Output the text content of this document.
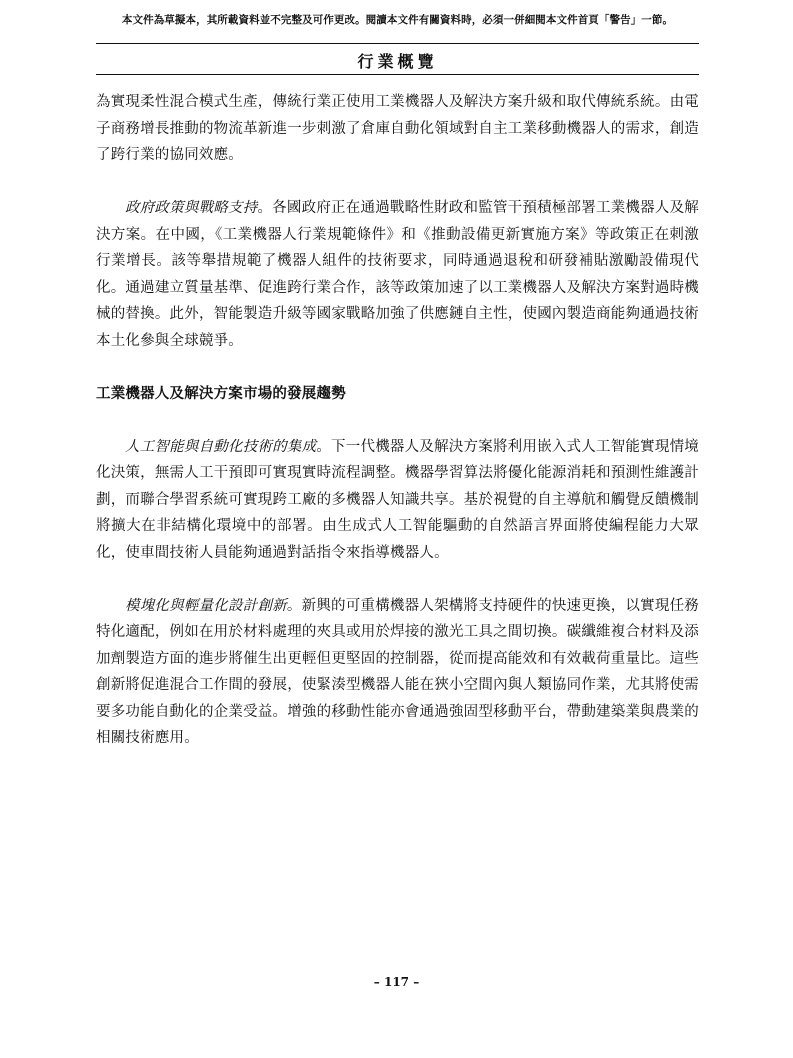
本文件為草擬本，其所載資料並不完整及可作更改。閱讀本文件有關資料時，必須一併細閱本文件首頁「警告」一節。
行業概覽

為實現柔性混合模式生產，傳統行業正使用工業機器人及解決方案升級和取代傳統系統。由電子商務增長推動的物流革新進一步刺激了倉庫自動化領域對自主工業移動機器人的需求，創造了跨行業的協同效應。

政府政策與戰略支持。各國政府正在通過戰略性財政和監管干預積極部署工業機器人及解決方案。在中國，《工業機器人行業規範條件》和《推動設備更新實施方案》等政策正在刺激行業增長。該等舉措規範了機器人組件的技術要求，同時通過退稅和研發補貼激勵設備現代化。通過建立質量基準、促進跨行業合作，該等政策加速了以工業機器人及解決方案對過時機械的替換。此外，智能製造升級等國家戰略加強了供應鏈自主性，使國內製造商能夠通過技術本土化參與全球競爭。

工業機器人及解決方案市場的發展趨勢

人工智能與自動化技術的集成。下一代機器人及解決方案將利用嵌入式人工智能實現情境化決策，無需人工干預即可實現實時流程調整。機器學習算法將優化能源消耗和預測性維護計劃，而聯合學習系統可實現跨工廠的多機器人知識共享。基於視覺的自主導航和觸覺反饋機制將擴大在非結構化環境中的部署。由生成式人工智能驅動的自然語言界面將使編程能力大眾化，使車間技術人員能夠通過對話指令來指導機器人。

模塊化與輕量化設計創新。新興的可重構機器人架構將支持硬件的快速更換，以實現任務特化適配，例如在用於材料處理的夾具或用於焊接的激光工具之間切換。碳纖維複合材料及添加劑製造方面的進步將催生出更輕但更堅固的控制器，從而提高能效和有效載荷重量比。這些創新將促進混合工作間的發展，使緊湊型機器人能在狹小空間內與人類協同作業，尤其將使需要多功能自動化的企業受益。增強的移動性能亦會通過強固型移動平台，帶動建築業與農業的相關技術應用。

– 117 –
